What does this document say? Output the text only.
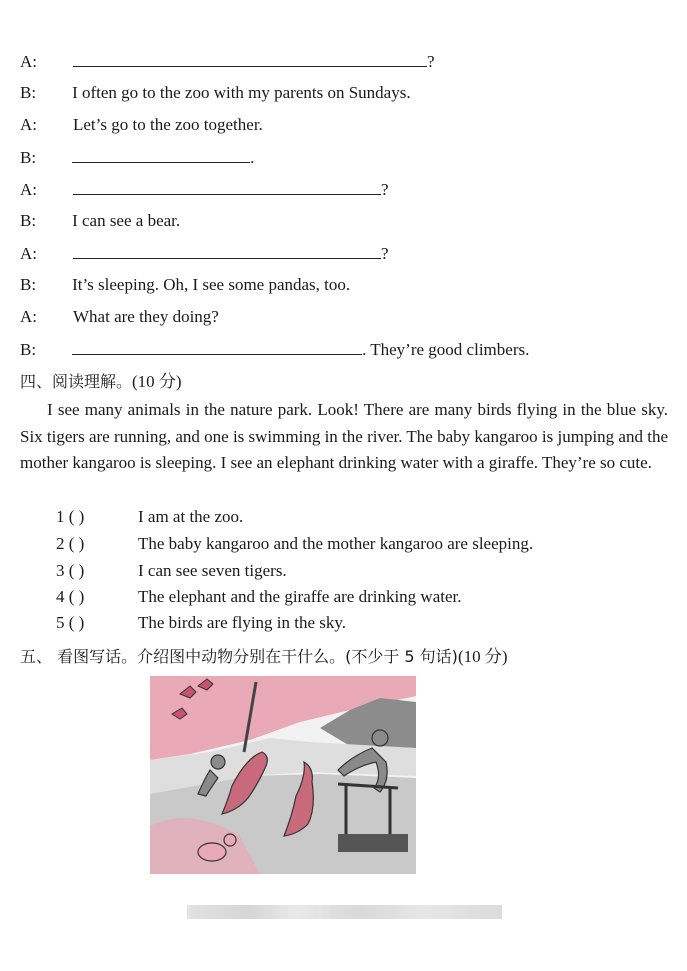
A:	?
B: I often go to the zoo with my parents on Sundays.
A: Let’s go to the zoo together.
B:	.
A:	?
B: I can see a bear.
A:	?
B: It’s sleeping. Oh, I see some pandas, too.
A: What are they doing?
B:	. They’re good climbers.
四、阅读理解。(10 分)

I see many animals in the nature park. Look! There are many birds flying in the blue sky. Six tigers are running, and one is swimming in the river. The baby kangaroo is jumping and the mother kangaroo is sleeping. I see an elephant drinking water with a giraffe. They’re so cute.

1 ( )	I am at the zoo.
2 ( )	The baby kangaroo and the mother kangaroo are sleeping.
3 ( )	I can see seven tigers.
4 ( )	The elephant and the giraffe are drinking water.
5 ( )	The birds are flying in the sky.
五、 看图写话。介绍图中动物分别在干什么。(不少于 5 句话)(10 分)
